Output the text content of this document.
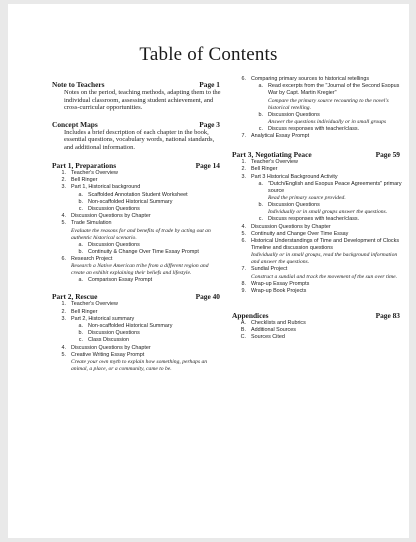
Table of Contents
Note to Teachers	Page 1
Notes on the period, teaching methods, adapting them to the individual classroom, assessing student achievement, and cross-curricular opportunities.
Concept Maps	Page 3
Includes a brief description of each chapter in the book, essential questions, vocabulary words, national standards, and additional information.
Part 1, Preparations	Page 14
1. Teacher's Overview
2. Bell Ringer
3. Part 1, Historical background
a. Scaffolded Annotation Student Worksheet
b. Non-scaffolded Historical Summary
c. Discussion Questions
4. Discussion Questions by Chapter
5. Trade Simulation
Evaluate the reasons for and benefits of trade by acting out an authentic historical scenario.
a. Discussion Questions
b. Continuity & Change Over Time Essay Prompt
6. Research Project
Research a Native American tribe from a different region and create an exhibit explaining their beliefs and lifestyle.
a. Comparison Essay Prompt
Part 2, Rescue	Page 40
1. Teacher's Overview
2. Bell Ringer
3. Part 2, Historical summary
a. Non-scaffolded Historical Summary
b. Discussion Questions
c. Class Discussion
4. Discussion Questions by Chapter
5. Creative Writing Essay Prompt
Create your own myth to explain how something, perhaps an animal, a place, or a community, came to be.
6. Comparing primary sources to historical retellings
a. Read excerpts from the "Journal of the Second Esopus War by Capt. Martin Kregier"
Compare the primary source recounting to the novel's historical retelling.
b. Discussion Questions
Answer the questions individually or in small groups
c. Discuss responses with teacher/class.
7. Analytical Essay Prompt
Part 3, Negotiating Peace	Page 59
1. Teacher's Overview
2. Bell Ringer
3. Part 3 Historical Background Activity
a. "Dutch/English and Esopus Peace Agreements" primary source
Read the primary source provided.
b. Discussion Questions
Individually or in small groups answer the questions.
c. Discuss responses with teacher/class.
4. Discussion Questions by Chapter
5. Continuity and Change Over Time Essay
6. Historical Understandings of Time and Development of Clocks Timeline and discussion questions
Individually or in small groups, read the background information and answer the questions.
7. Sundial Project
Construct a sundial and track the movement of the sun over time.
8. Wrap-up Essay Prompts
9. Wrap-up Book Projects
Appendices	Page 83
A. Checklists and Rubrics
B. Additional Sources
C. Sources Cited
